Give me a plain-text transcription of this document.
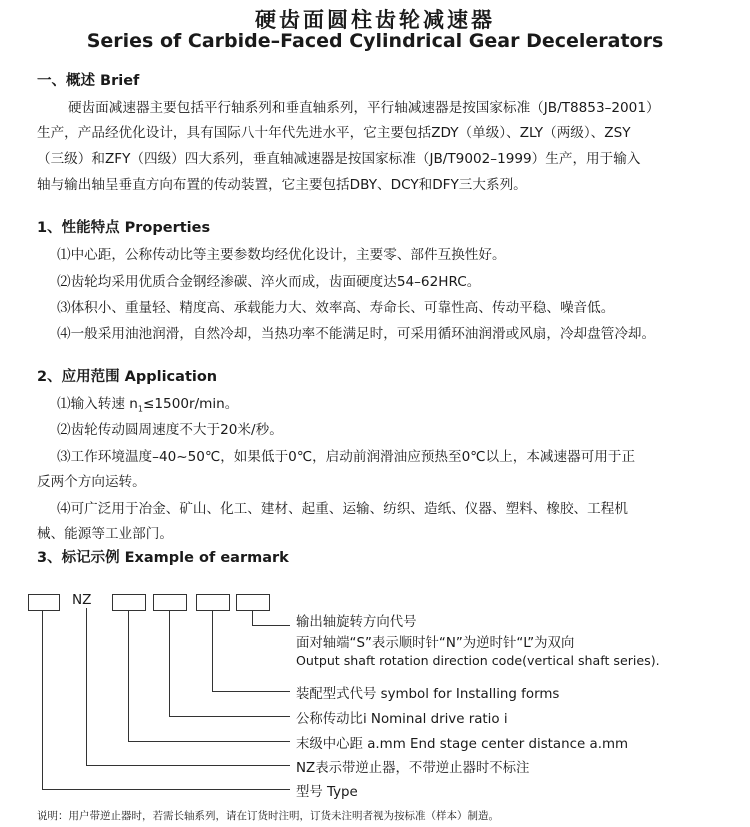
硬齿面圆柱齿轮减速器
Series of Carbide–Faced Cylindrical Gear Decelerators
一、概述 Brief
硬齿面减速器主要包括平行轴系列和垂直轴系列，平行轴减速器是按国家标准（JB/T8853–2001）
生产，产品经优化设计，具有国际八十年代先进水平，它主要包括ZDY（单级）、ZLY（两级）、ZSY
（三级）和ZFY（四级）四大系列，垂直轴减速器是按国家标准（JB/T9002–1999）生产，用于输入
轴与输出轴呈垂直方向布置的传动装置，它主要包括DBY、DCY和DFY三大系列。
1、性能特点 Properties
⑴中心距，公称传动比等主要参数均经优化设计，主要零、部件互换性好。
⑵齿轮均采用优质合金钢经渗碳、淬火而成，齿面硬度达54–62HRC。
⑶体积小、重量轻、精度高、承载能力大、效率高、寿命长、可靠性高、传动平稳、噪音低。
⑷一般采用油池润滑，自然冷却，当热功率不能满足时，可采用循环油润滑或风扇，冷却盘管冷却。
2、应用范围 Application
⑴输入转速 $n_1\le 1500r/\min$。
⑵齿轮传动圆周速度不大于20米/秒。
⑶工作环境温度–40~50℃，如果低于0℃，启动前润滑油应预热至0℃以上，本减速器可用于正
反两个方向运转。
⑷可广泛用于冶金、矿山、化工、建材、起重、运输、纺织、造纸、仪器、塑料、橡胶、工程机
械、能源等工业部门。
3、标记示例 Example of earmark
NZ
输出轴旋转方向代号
面对轴端“S”表示顺时针“N”为逆时针“L”为双向
Output shaft rotation direction code(vertical shaft series).
装配型式代号 symbol for Installing forms
公称传动比i Nominal drive ratio i
末级中心距 a.mm End stage center distance a.mm
NZ表示带逆止器，不带逆止器时不标注
型号 Type
说明：用户带逆止器时，若需长轴系列，请在订货时注明，订货未注明者视为按标准（样本）制造。
